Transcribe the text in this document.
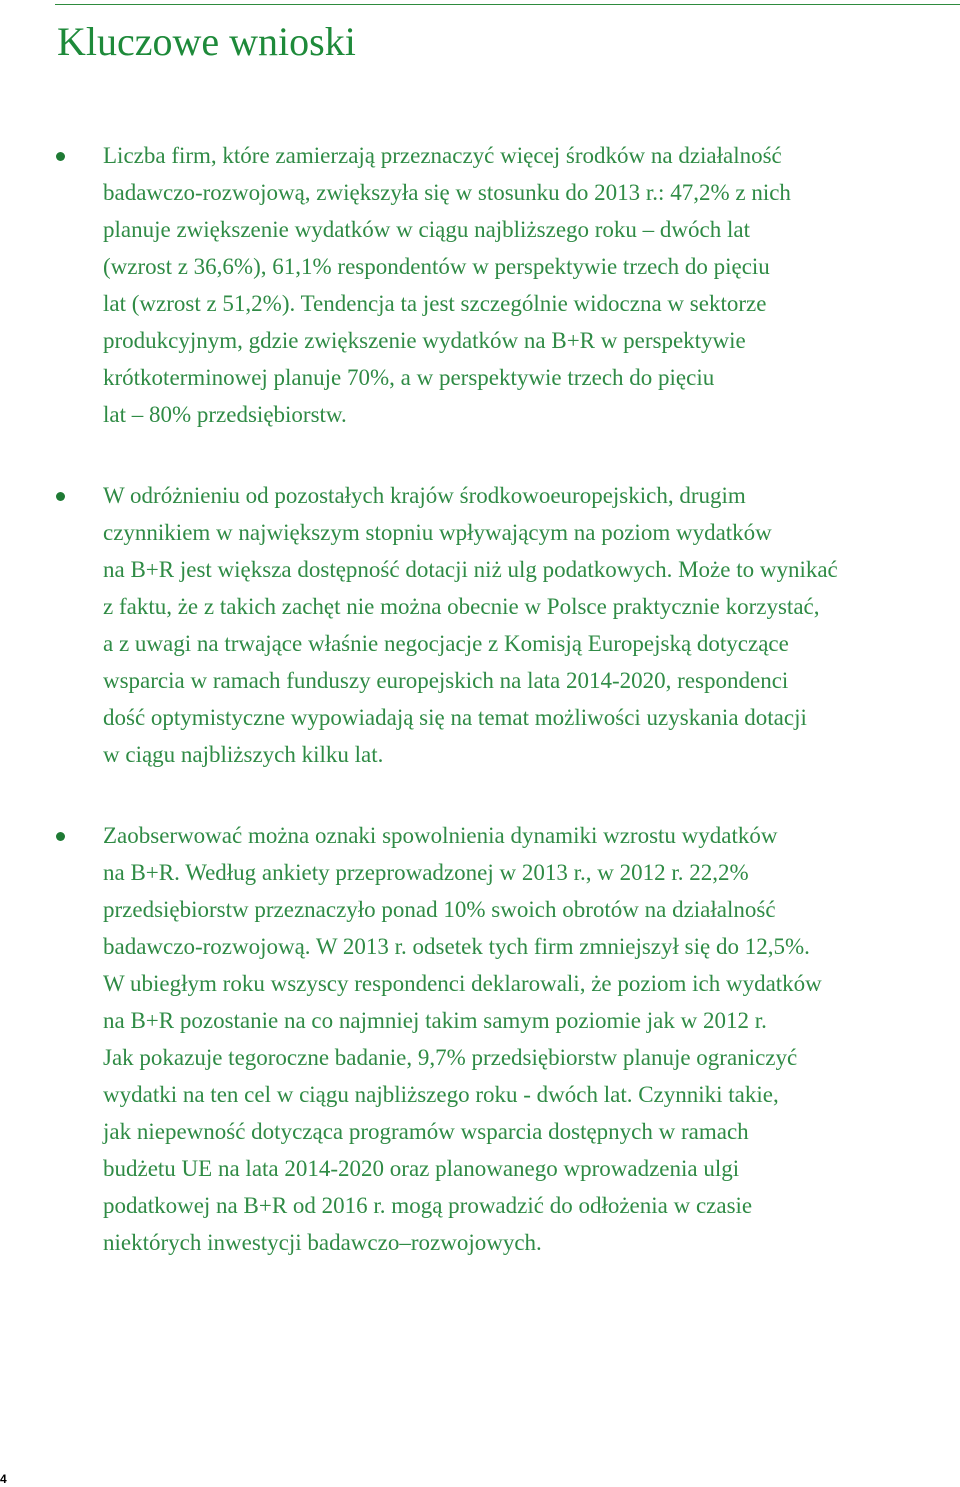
Kluczowe wnioski
Liczba firm, które zamierzają przeznaczyć więcej środków na działalność
badawczo-rozwojową, zwiększyła się w stosunku do 2013 r.: 47,2% z nich
planuje zwiększenie wydatków w ciągu najbliższego roku – dwóch lat
(wzrost z 36,6%), 61,1% respondentów w perspektywie trzech do pięciu
lat (wzrost z 51,2%). Tendencja ta jest szczególnie widoczna w sektorze
produkcyjnym, gdzie zwiększenie wydatków na B+R w perspektywie
krótkoterminowej planuje 70%, a w perspektywie trzech do pięciu
lat – 80% przedsiębiorstw.
W odróżnieniu od pozostałych krajów środkowoeuropejskich, drugim
czynnikiem w największym stopniu wpływającym na poziom wydatków
na B+R jest większa dostępność dotacji niż ulg podatkowych. Może to wynikać
z faktu, że z takich zachęt nie można obecnie w Polsce praktycznie korzystać,
a z uwagi na trwające właśnie negocjacje z Komisją Europejską dotyczące
wsparcia w ramach funduszy europejskich na lata 2014-2020, respondenci
dość optymistyczne wypowiadają się na temat możliwości uzyskania dotacji
w ciągu najbliższych kilku lat.
Zaobserwować można oznaki spowolnienia dynamiki wzrostu wydatków
na B+R. Według ankiety przeprowadzonej w 2013 r., w 2012 r. 22,2%
przedsiębiorstw przeznaczyło ponad 10% swoich obrotów na działalność
badawczo-rozwojową. W 2013 r. odsetek tych firm zmniejszył się do 12,5%.
W ubiegłym roku wszyscy respondenci deklarowali, że poziom ich wydatków
na B+R pozostanie na co najmniej takim samym poziomie jak w 2012 r.
Jak pokazuje tegoroczne badanie, 9,7% przedsiębiorstw planuje ograniczyć
wydatki na ten cel w ciągu najbliższego roku - dwóch lat. Czynniki takie,
jak niepewność dotycząca programów wsparcia dostępnych w ramach
budżetu UE na lata 2014-2020 oraz planowanego wprowadzenia ulgi
podatkowej na B+R od 2016 r. mogą prowadzić do odłożenia w czasie
niektórych inwestycji badawczo–rozwojowych.
4
